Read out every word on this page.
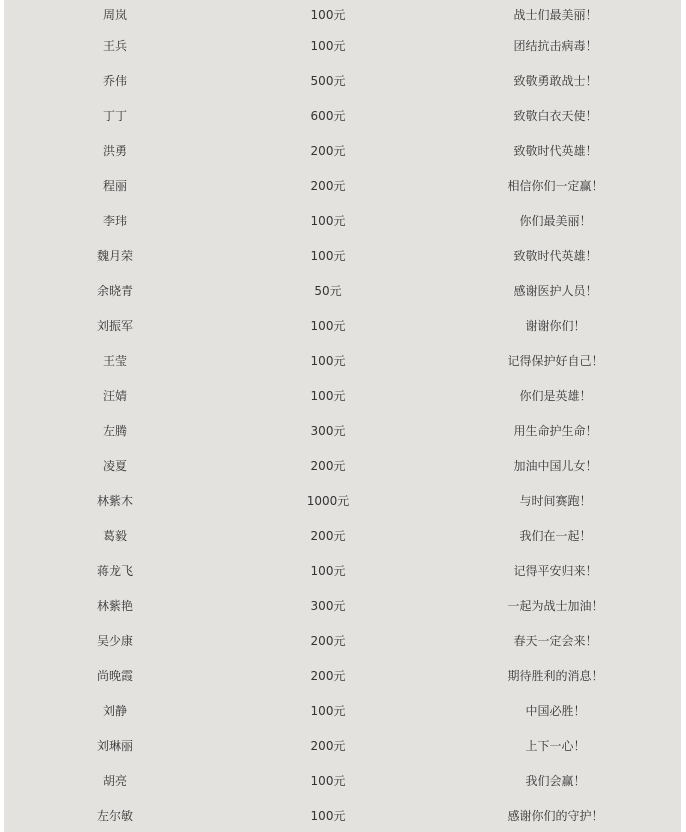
周岚	100元	战士们最美丽！
王兵	100元	团结抗击病毒！
乔伟	500元	致敬勇敢战士！
丁丁	600元	致敬白衣天使！
洪勇	200元	致敬时代英雄！
程丽	200元	相信你们一定赢！
李玮	100元	你们最美丽！
魏月荣	100元	致敬时代英雄！
余晓青	50元	感谢医护人员！
刘振军	100元	谢谢你们！
王莹	100元	记得保护好自己！
汪婧	100元	你们是英雄！
左腾	300元	用生命护生命！
凌夏	200元	加油中国儿女！
林紫木	1000元	与时间赛跑！
葛毅	200元	我们在一起！
蒋龙飞	100元	记得平安归来！
林紫艳	300元	一起为战士加油！
吴少康	200元	春天一定会来！
尚晚霞	200元	期待胜利的消息！
刘静	100元	中国必胜！
刘琳丽	200元	上下一心！
胡亮	100元	我们会赢！
左尔敏	100元	感谢你们的守护！
